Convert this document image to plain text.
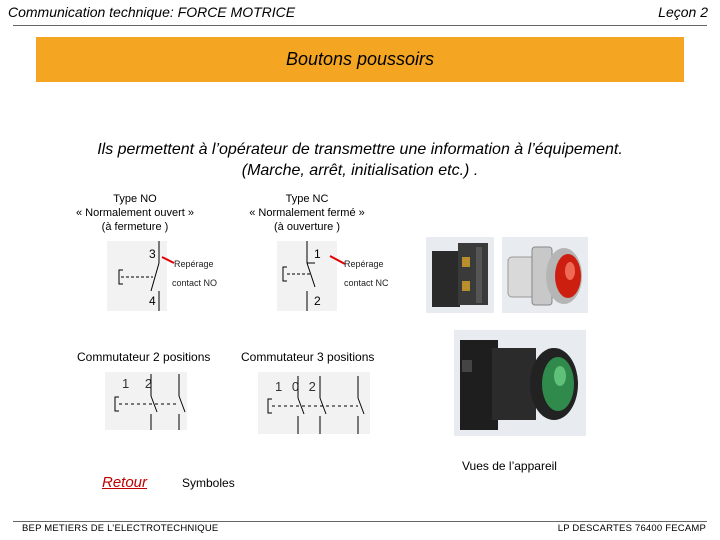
Communication technique: FORCE MOTRICE	Leçon 2
Boutons poussoirs
Ils permettent à l’opérateur de transmettre une information à l’équipement.
(Marche, arrêt, initialisation etc.) .
Type NO
« Normalement ouvert »
(à fermeture )
Type NC
« Normalement fermé »
(à ouverture )
3
4
Repérage
contact NO
1
2
Repérage
contact NC
Commutateur 2 positions	Commutateur 3 positions
1 2	1 0 2
Vues de l’appareil
Retour	Symboles
BEP METIERS DE L’ELECTROTECHNIQUE	LP DESCARTES 76400 FECAMP
